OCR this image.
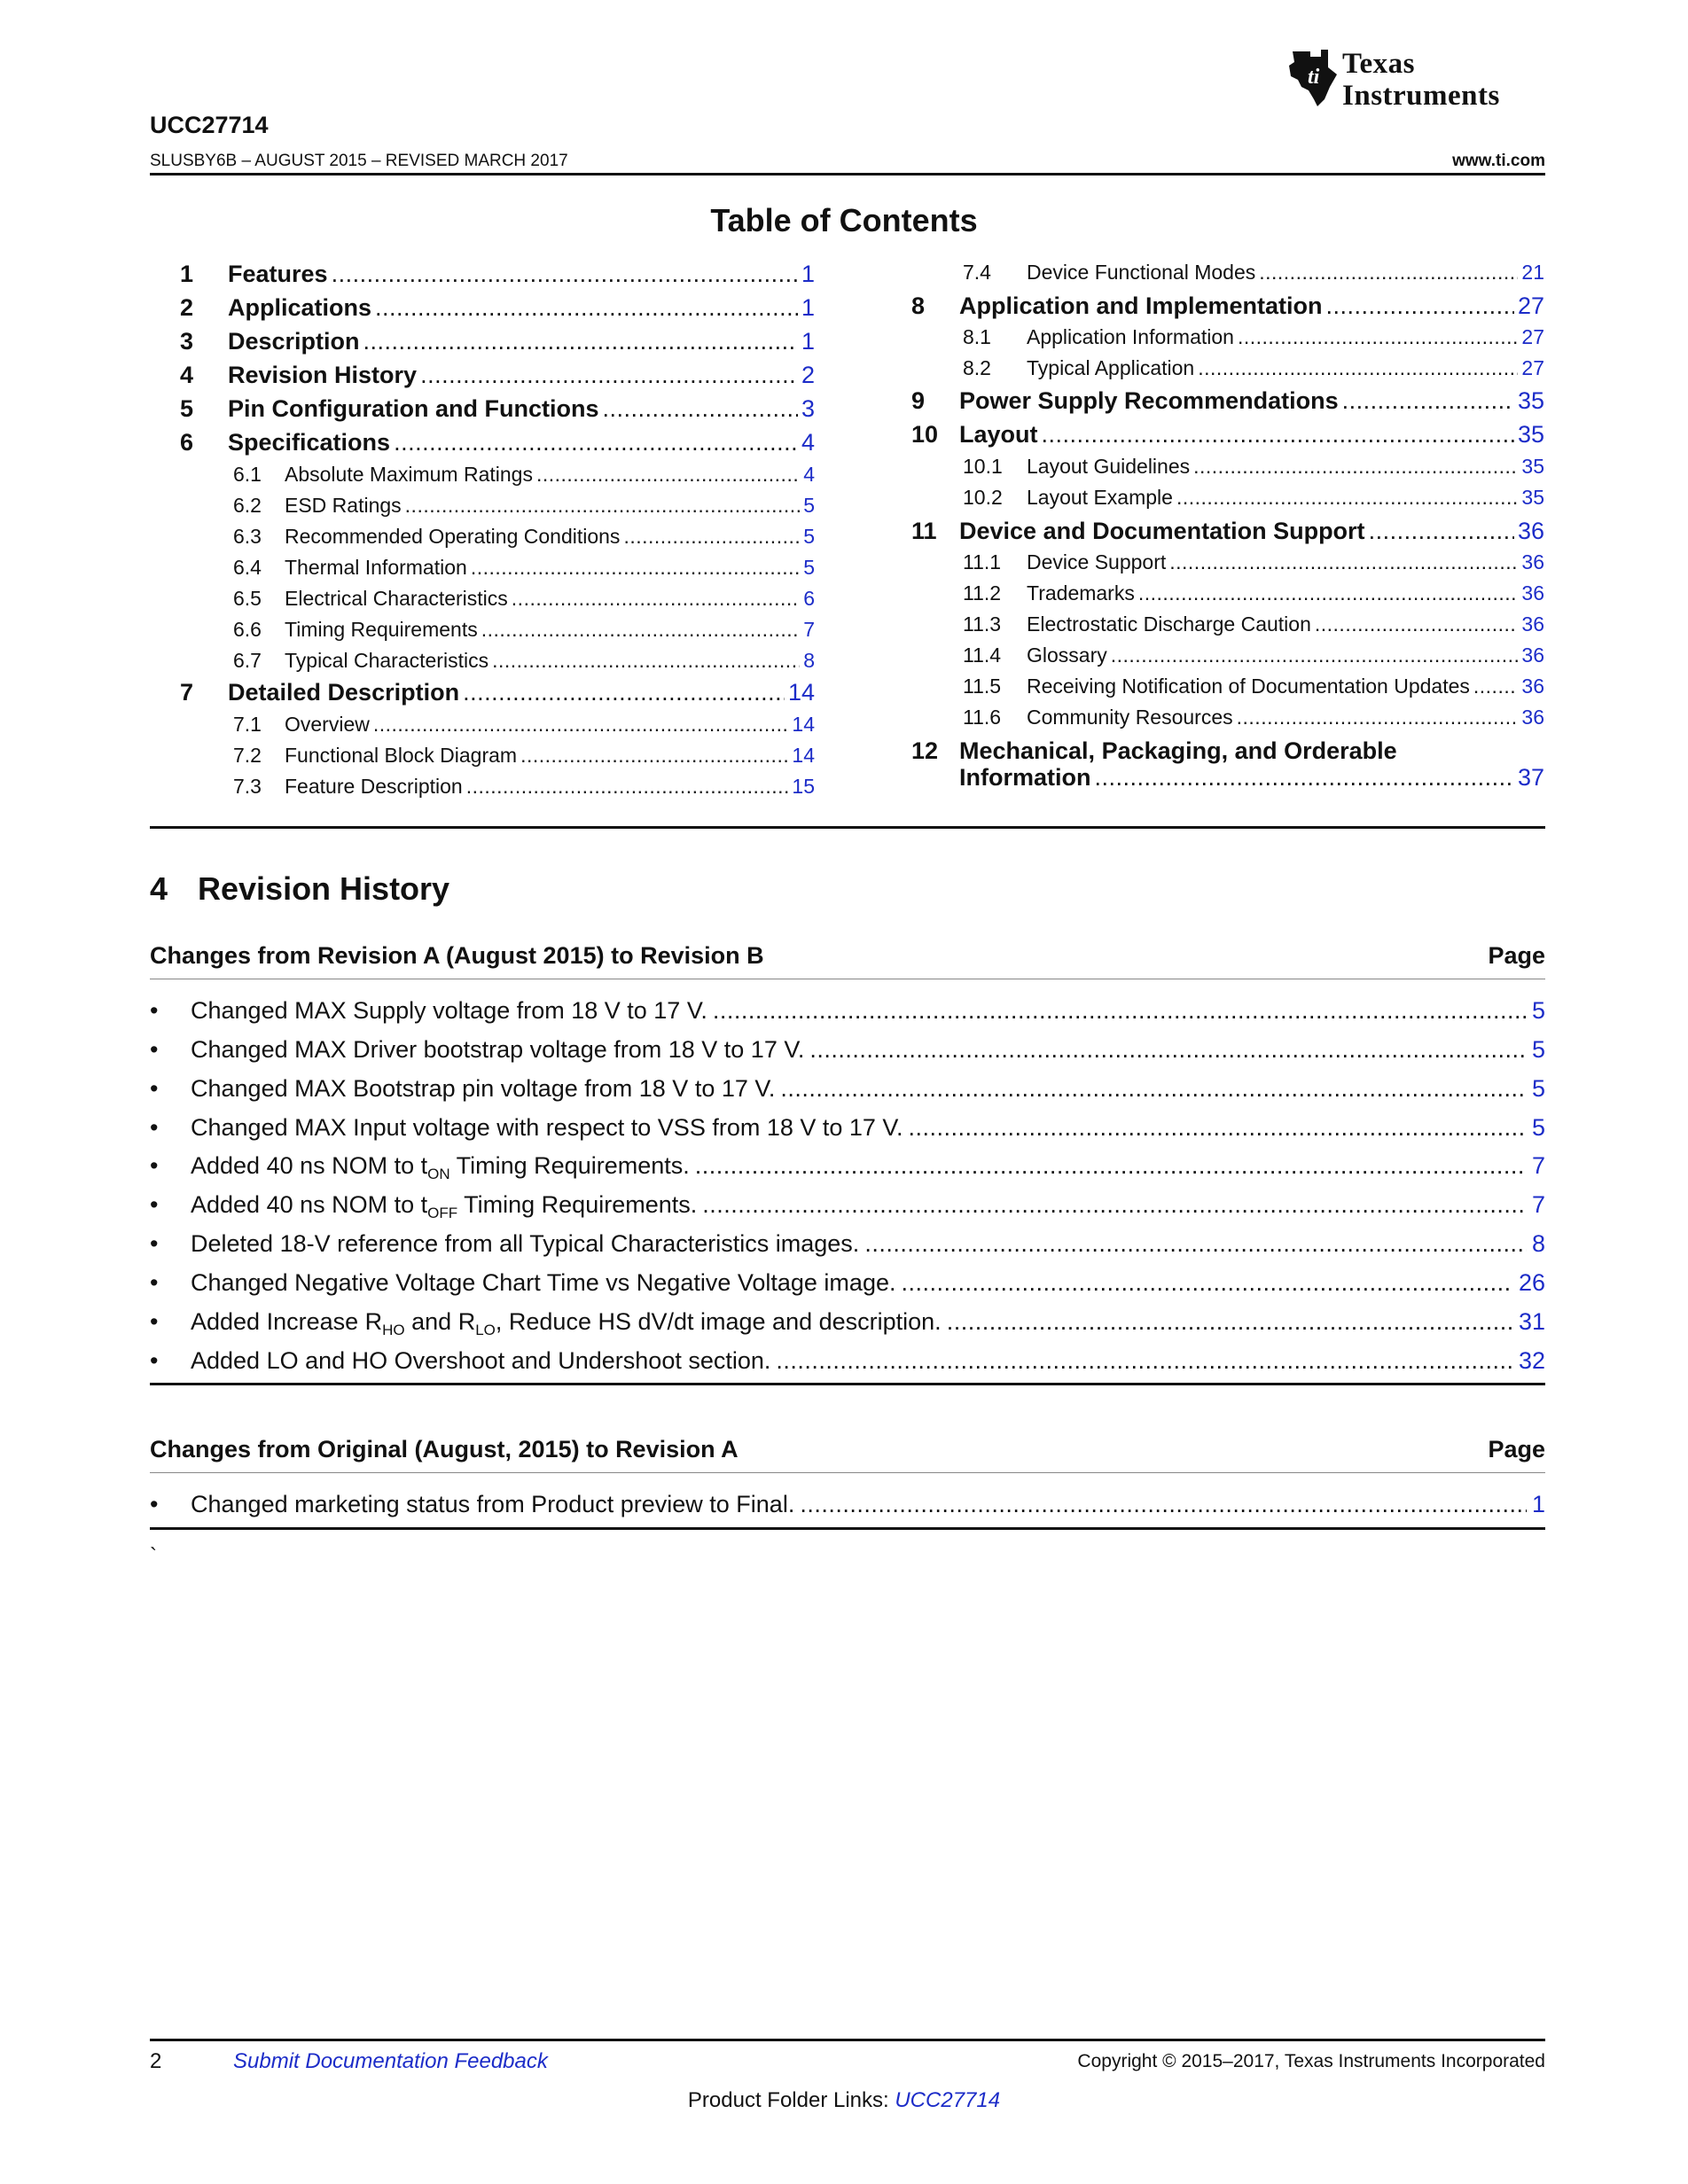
ti Texas
Instruments
UCC27714
SLUSBY6B – AUGUST 2015 – REVISED MARCH 2017	www.ti.com
Table of Contents
1	Features .....	1
2	Applications .....	1
3	Description .....	1
4	Revision History .....	2
5	Pin Configuration and Functions .....	3
6	Specifications .....	4
6.1	Absolute Maximum Ratings .....	4
6.2	ESD Ratings .....	5
6.3	Recommended Operating Conditions .....	5
6.4	Thermal Information .....	5
6.5	Electrical Characteristics .....	6
6.6	Timing Requirements .....	7
6.7	Typical Characteristics .....	8
7	Detailed Description .....	14
7.1	Overview .....	14
7.2	Functional Block Diagram .....	14
7.3	Feature Description .....	15
7.4	Device Functional Modes .....	21
8	Application and Implementation .....	27
8.1	Application Information .....	27
8.2	Typical Application .....	27
9	Power Supply Recommendations .....	35
10 Layout .....	35
10.1	Layout Guidelines .....	35
10.2	Layout Example .....	35
11 Device and Documentation Support .....	36
11.1	Device Support .....	36
11.2	Trademarks .....	36
11.3	Electrostatic Discharge Caution .....	36
11.4	Glossary .....	36
11.5	Receiving Notification of Documentation Updates .....	36
11.6	Community Resources .....	36
12 Mechanical, Packaging, and Orderable
Information .....	37
4 Revision History
Changes from Revision A (August 2015) to Revision B	Page
•	Changed MAX Supply voltage from 18 V to 17 V. .....	5
•	Changed MAX Driver bootstrap voltage from 18 V to 17 V. .....	5
•	Changed MAX Bootstrap pin voltage from 18 V to 17 V. .....	5
•	Changed MAX Input voltage with respect to VSS from 18 V to 17 V. .....	5
•	Added 40 ns NOM to $t_{ON}$ Timing Requirements. .....	7
•	Added 40 ns NOM to $t_{OFF}$ Timing Requirements. .....	7
•	Deleted 18-V reference from all Typical Characteristics images. .....	8
•	Changed Negative Voltage Chart Time vs Negative Voltage image. .....	26
•	Added Increase $R_{HO}$ and $R_{LO}$, Reduce HS dV/dt image and description. .....	31
•	Added LO and HO Overshoot and Undershoot section. .....	32
Changes from Original (August, 2015) to Revision A	Page
•	Changed marketing status from Product preview to Final. .....	1
`
2	Submit Documentation Feedback	Copyright © 2015–2017, Texas Instruments Incorporated
Product Folder Links: UCC27714
